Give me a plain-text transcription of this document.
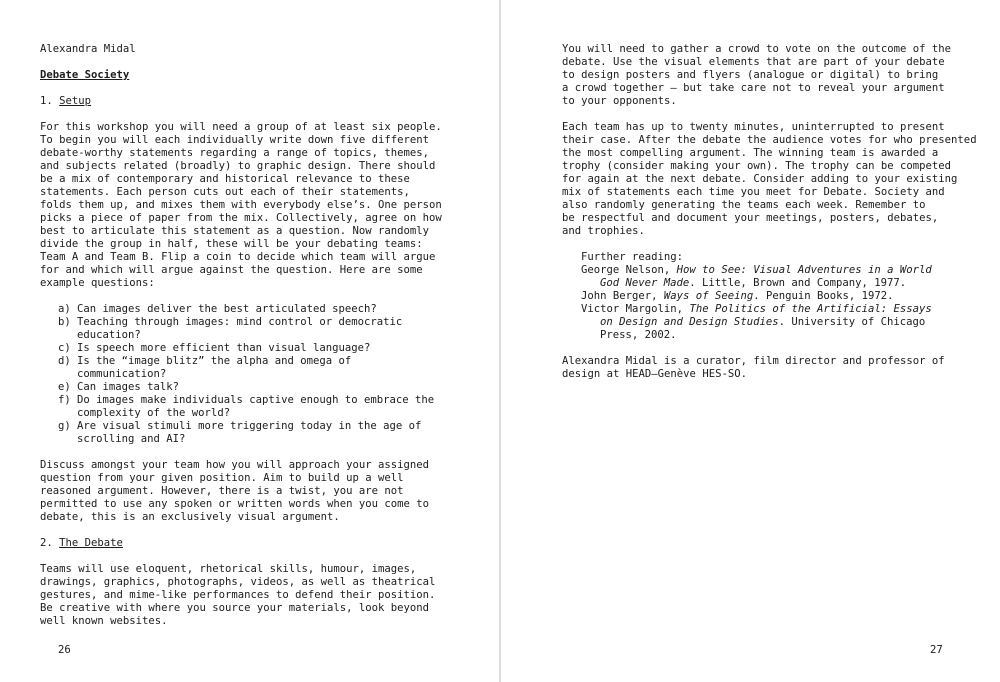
Alexandra Midal

Debate Society

1. Setup

For this workshop you will need a group of at least six people.
To begin you will each individually write down five different
debate-worthy statements regarding a range of topics, themes,
and subjects related (broadly) to graphic design. There should
be a mix of contemporary and historical relevance to these
statements. Each person cuts out each of their statements,
folds them up, and mixes them with everybody else’s. One person
picks a piece of paper from the mix. Collectively, agree on how
best to articulate this statement as a question. Now randomly
divide the group in half, these will be your debating teams:
Team A and Team B. Flip a coin to decide which team will argue
for and which will argue against the question. Here are some
example questions:

a) Can images deliver the best articulated speech?
b) Teaching through images: mind control or democratic
education?
c) Is speech more efficient than visual language?
d) Is the “image blitz” the alpha and omega of
communication?
e) Can images talk?
f) Do images make individuals captive enough to embrace the
complexity of the world?
g) Are visual stimuli more triggering today in the age of
scrolling and AI?

Discuss amongst your team how you will approach your assigned
question from your given position. Aim to build up a well
reasoned argument. However, there is a twist, you are not
permitted to use any spoken or written words when you come to
debate, this is an exclusively visual argument.

2. The Debate

Teams will use eloquent, rhetorical skills, humour, images,
drawings, graphics, photographs, videos, as well as theatrical
gestures, and mime-like performances to defend their position.
Be creative with where you source your materials, look beyond
well known websites.

26

You will need to gather a crowd to vote on the outcome of the
debate. Use the visual elements that are part of your debate
to design posters and flyers (analogue or digital) to bring
a crowd together – but take care not to reveal your argument
to your opponents.

Each team has up to twenty minutes, uninterrupted to present
their case. After the debate the audience votes for who presented
the most compelling argument. The winning team is awarded a
trophy (consider making your own). The trophy can be competed
for again at the next debate. Consider adding to your existing
mix of statements each time you meet for Debate. Society and
also randomly generating the teams each week. Remember to
be respectful and document your meetings, posters, debates,
and trophies.

Further reading:

George Nelson, How to See: Visual Adventures in a World
God Never Made. Little, Brown and Company, 1977.

John Berger, Ways of Seeing. Penguin Books, 1972.

Victor Margolin, The Politics of the Artificial: Essays
on Design and Design Studies. University of Chicago
Press, 2002.

Alexandra Midal is a curator, film director and professor of
design at HEAD–Genève HES-SO.

27
